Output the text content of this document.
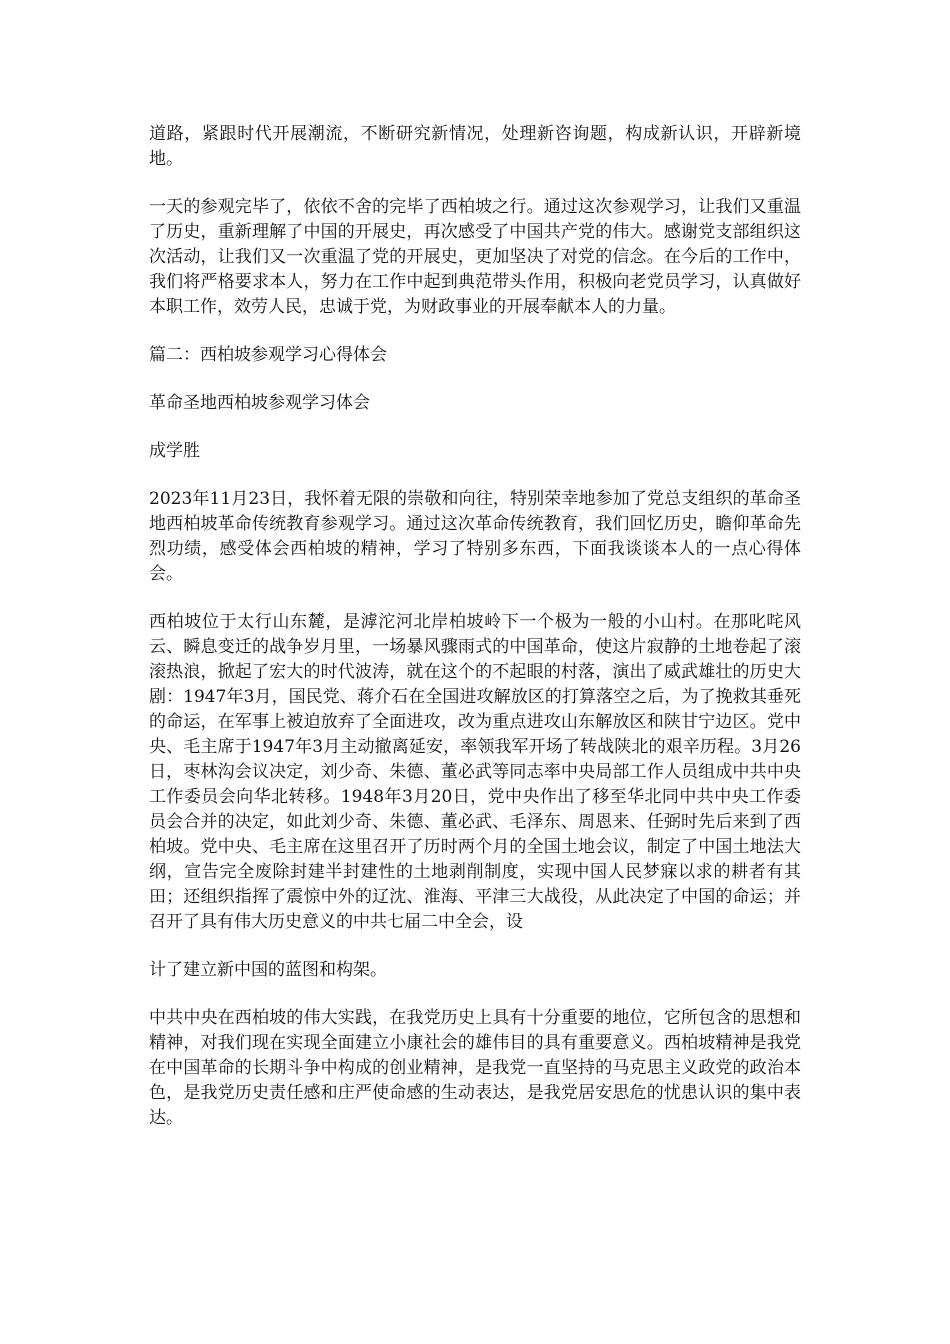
道路，紧跟时代开展潮流，不断研究新情况，处理新咨询题，构成新认识，开辟新境地。

一天的参观完毕了，依依不舍的完毕了西柏坡之行。通过这次参观学习，让我们又重温了历史，重新理解了中国的开展史，再次感受了中国共产党的伟大。感谢党支部组织这次活动，让我们又一次重温了党的开展史，更加坚决了对党的信念。在今后的工作中，我们将严格要求本人，努力在工作中起到典范带头作用，积极向老党员学习，认真做好本职工作，效劳人民，忠诚于党，为财政事业的开展奉献本人的力量。

篇二：西柏坡参观学习心得体会

革命圣地西柏坡参观学习体会

成学胜

2023年11月23日，我怀着无限的崇敬和向往，特别荣幸地参加了党总支组织的革命圣地西柏坡革命传统教育参观学习。通过这次革命传统教育，我们回忆历史，瞻仰革命先烈功绩，感受体会西柏坡的精神，学习了特别多东西，下面我谈谈本人的一点心得体会。

西柏坡位于太行山东麓，是滹沱河北岸柏坡岭下一个极为一般的小山村。在那叱咤风云、瞬息变迁的战争岁月里，一场暴风骤雨式的中国革命，使这片寂静的土地卷起了滚滚热浪，掀起了宏大的时代波涛，就在这个的不起眼的村落，演出了威武雄壮的历史大剧：1947年3月，国民党、蒋介石在全国进攻解放区的打算落空之后，为了挽救其垂死的命运，在军事上被迫放弃了全面进攻，改为重点进攻山东解放区和陕甘宁边区。党中央、毛主席于1947年3月主动撤离延安，率领我军开场了转战陕北的艰辛历程。3月26日，枣林沟会议决定，刘少奇、朱德、董必武等同志率中央局部工作人员组成中共中央工作委员会向华北转移。1948年3月20日，党中央作出了移至华北同中共中央工作委员会合并的决定，如此刘少奇、朱德、董必武、毛泽东、周恩来、任弼时先后来到了西柏坡。党中央、毛主席在这里召开了历时两个月的全国土地会议，制定了中国土地法大纲，宣告完全废除封建半封建性的土地剥削制度，实现中国人民梦寐以求的耕者有其田；还组织指挥了震惊中外的辽沈、淮海、平津三大战役，从此决定了中国的命运；并召开了具有伟大历史意义的中共七届二中全会，设

计了建立新中国的蓝图和构架。

中共中央在西柏坡的伟大实践，在我党历史上具有十分重要的地位，它所包含的思想和精神，对我们现在实现全面建立小康社会的雄伟目的具有重要意义。西柏坡精神是我党在中国革命的长期斗争中构成的创业精神，是我党一直坚持的马克思主义政党的政治本色，是我党历史责任感和庄严使命感的生动表达，是我党居安思危的忧患认识的集中表达。
